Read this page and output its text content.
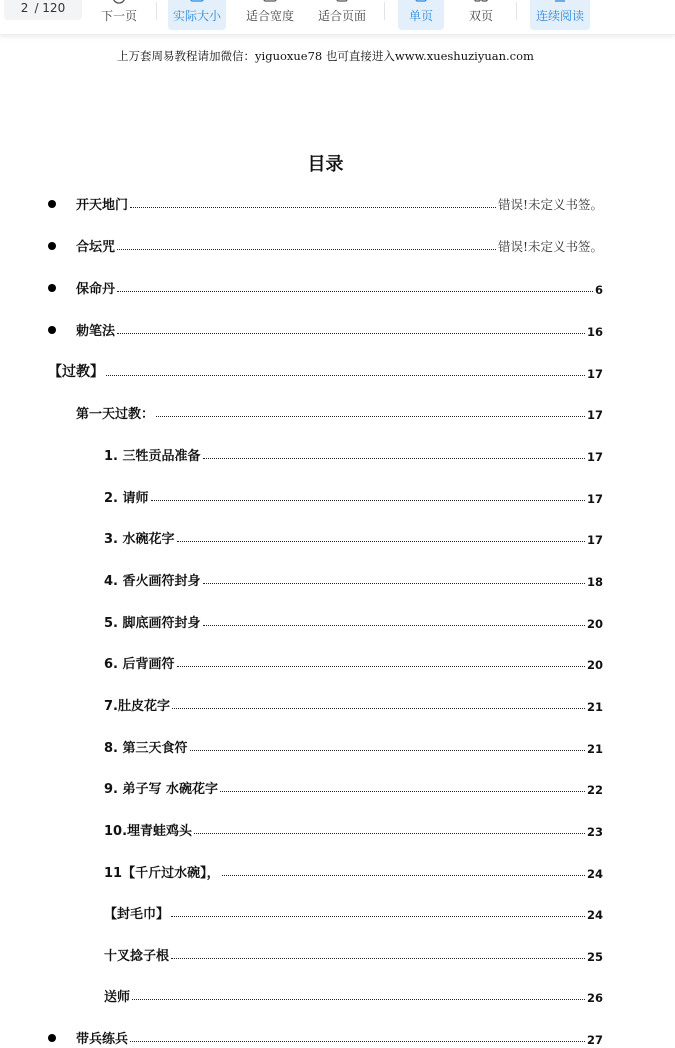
2 / 120
下一页	实际大小 适合宽度 适合页面	单页	双页	连续阅读
上万套周易教程请加微信：yiguoxue78 也可直接进入www.xueshuziyuan.com
目录
开天地门	错误!未定义书签。
合坛咒	错误!未定义书签。
保命丹	6
勅笔法	16
【过教】	17
第一天过教：	17
1. 三牲贡品准备	17
2. 请师	17
3. 水碗花字	17
4. 香火画符封身	18
5. 脚底画符封身	20
6. 后背画符	20
7.肚皮花字	21
8. 第三天食符	21
9. 弟子写 水碗花字	22
10.埋青蛙鸡头	23
11【千斤过水碗】，	24
【封毛巾】	24
十叉捻子根	25
送师	26
带兵练兵	27
